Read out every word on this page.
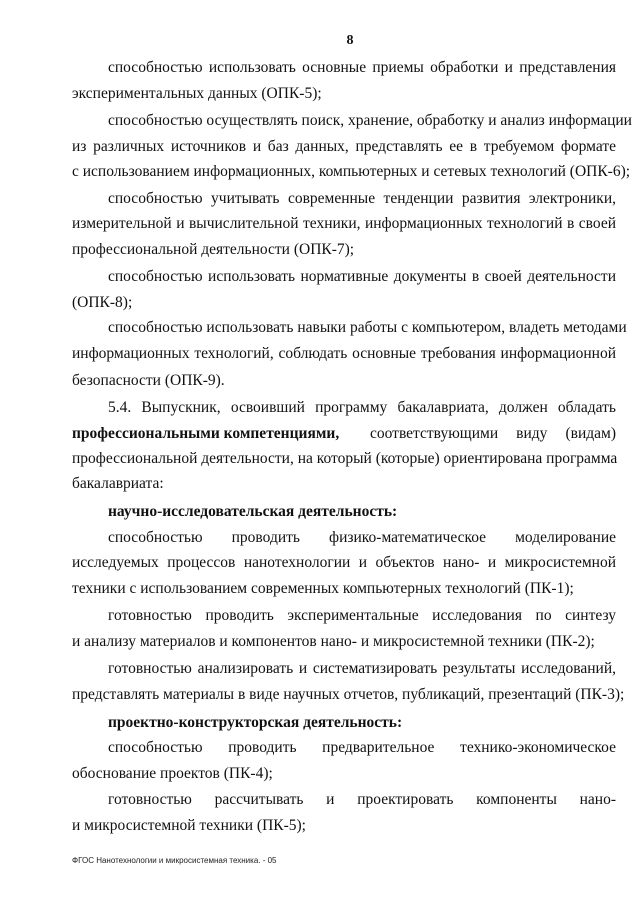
8
способностью использовать основные приемы обработки и представления
экспериментальных данных (ОПК-5);
способностью осуществлять поиск, хранение, обработку и анализ информации
из различных источников и баз данных, представлять ее в требуемом формате
с использованием информационных, компьютерных и сетевых технологий (ОПК-6);
способностью учитывать современные тенденции развития электроники,
измерительной и вычислительной техники, информационных технологий в своей
профессиональной деятельности (ОПК-7);
способностью использовать нормативные документы в своей деятельности
(ОПК-8);
способностью использовать навыки работы с компьютером, владеть методами
информационных технологий, соблюдать основные требования информационной
безопасности (ОПК-9).
5.4. Выпускник, освоивший программу бакалавриата, должен обладать
профессиональными компетенциями, соответствующими виду (видам)
профессиональной деятельности, на который (которые) ориентирована программа
бакалавриата:
научно-исследовательская деятельность:
способностью проводить физико-математическое моделирование
исследуемых процессов нанотехнологии и объектов нано- и микросистемной
техники с использованием современных компьютерных технологий (ПК-1);
готовностью проводить экспериментальные исследования по синтезу
и анализу материалов и компонентов нано- и микросистемной техники (ПК-2);
готовностью анализировать и систематизировать результаты исследований,
представлять материалы в виде научных отчетов, публикаций, презентаций (ПК-3);
проектно-конструкторская деятельность:
способностью проводить предварительное технико-экономическое
обоснование проектов (ПК-4);
готовностью рассчитывать и проектировать компоненты нано-
и микросистемной техники (ПК-5);
ФГОС Нанотехнологии и микросистемная техника. - 05
